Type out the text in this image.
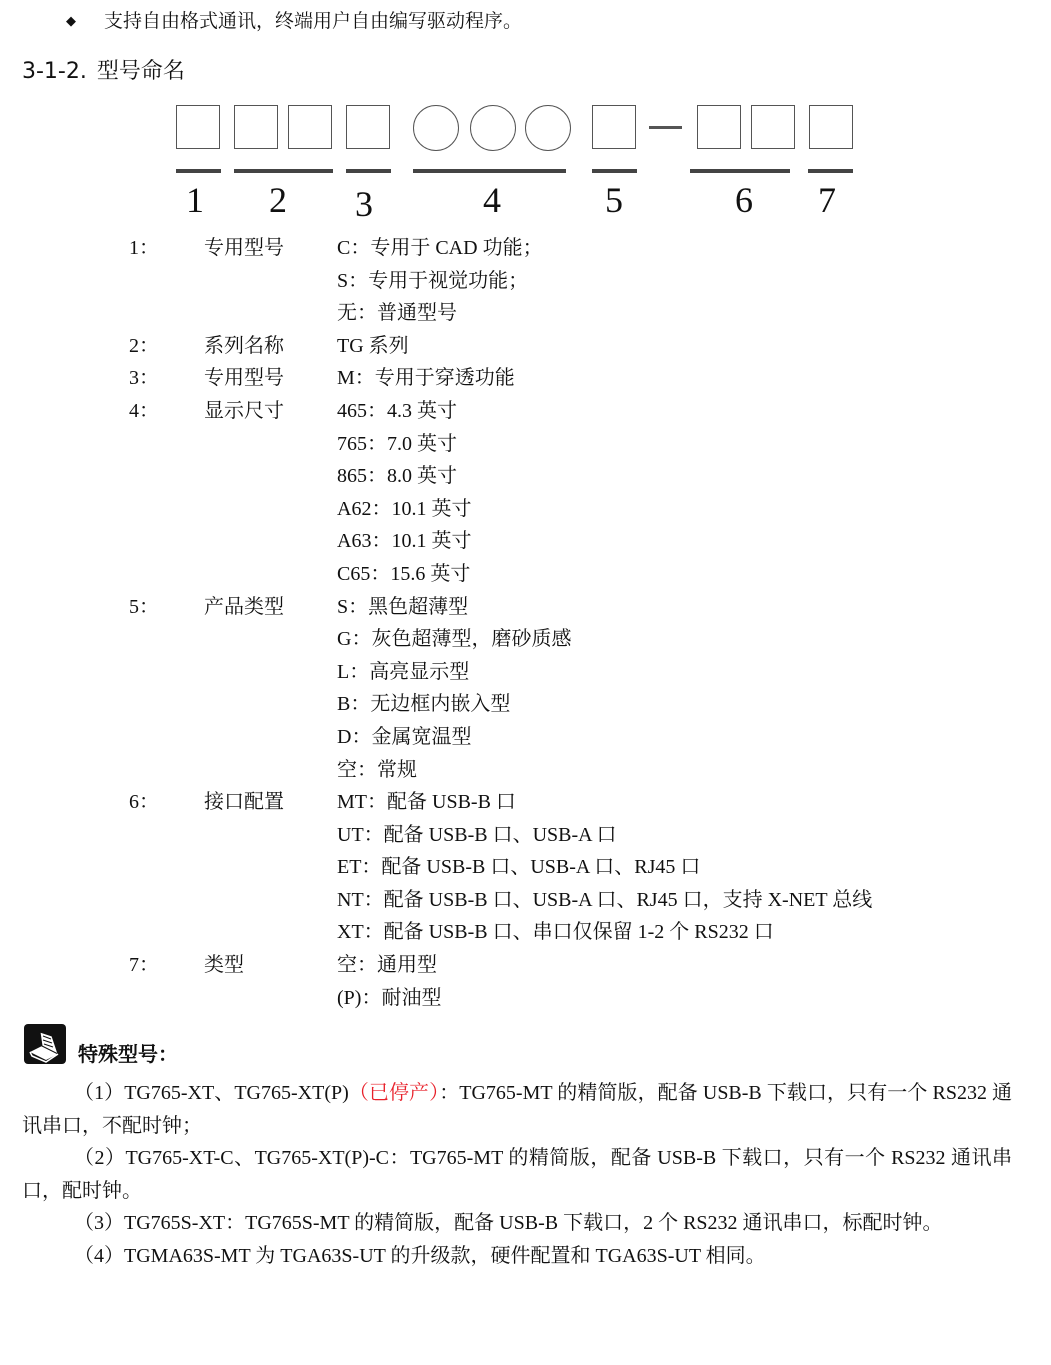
◆ 支持自由格式通讯，终端用户自由编写驱动程序。
3-1-2. 型号命名
1 2 3	4	5	6 7
1： 专用型号	C：专用于 CAD 功能；
S：专用于视觉功能；
无：普通型号
2： 系列名称	TG 系列
3： 专用型号	M：专用于穿透功能
4： 显示尺寸	465：4.3 英寸
765：7.0 英寸
865：8.0 英寸
A62：10.1 英寸
A63：10.1 英寸
C65：15.6 英寸
5： 产品类型	S：黑色超薄型
G：灰色超薄型，磨砂质感
L：高亮显示型
B：无边框内嵌入型
D：金属宽温型
空：常规
6： 接口配置	MT：配备 USB-B 口
UT：配备 USB-B 口、USB-A 口
ET：配备 USB-B 口、USB-A 口、RJ45 口
NT：配备 USB-B 口、USB-A 口、RJ45 口，支持 X-NET 总线
XT：配备 USB-B 口、串口仅保留 1-2 个 RS232 口
7： 类型	空：通用型
(P)：耐油型
特殊型号：

（1）TG765-XT、TG765-XT(P)（已停产）：TG765-MT 的精简版，配备 USB-B 下载口，只有一个 RS232 通讯串口，不配时钟；

（2）TG765-XT-C、TG765-XT(P)-C：TG765-MT 的精简版，配备 USB-B 下载口，只有一个 RS232 通讯串口，配时钟。

（3）TG765S-XT：TG765S-MT 的精简版，配备 USB-B 下载口，2 个 RS232 通讯串口，标配时钟。

（4）TGMA63S-MT 为 TGA63S-UT 的升级款，硬件配置和 TGA63S-UT 相同。
